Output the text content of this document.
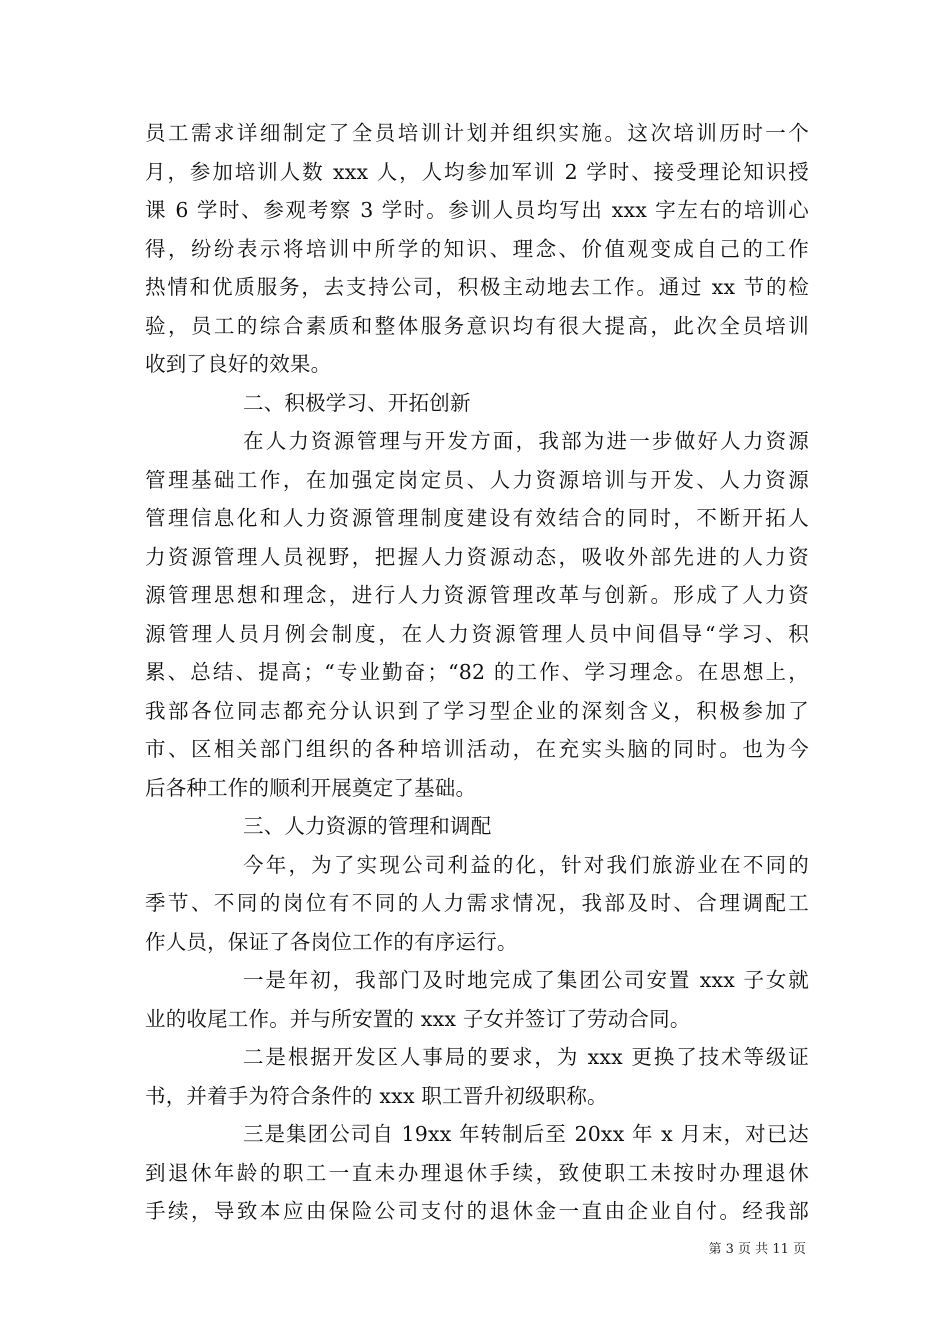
员工需求详细制定了全员培训计划并组织实施。这次培训历时一个
月，参加培训人数 xxx 人，人均参加军训 2 学时、接受理论知识授
课 6 学时、参观考察 3 学时。参训人员均写出 xxx 字左右的培训心
得，纷纷表示将培训中所学的知识、理念、价值观变成自己的工作
热情和优质服务，去支持公司，积极主动地去工作。通过 xx 节的检
验，员工的综合素质和整体服务意识均有很大提高，此次全员培训
收到了良好的效果。
二、积极学习、开拓创新
在人力资源管理与开发方面，我部为进一步做好人力资源
管理基础工作，在加强定岗定员、人力资源培训与开发、人力资源
管理信息化和人力资源管理制度建设有效结合的同时，不断开拓人
力资源管理人员视野，把握人力资源动态，吸收外部先进的人力资
源管理思想和理念，进行人力资源管理改革与创新。形成了人力资
源管理人员月例会制度，在人力资源管理人员中间倡导“学习、积
累、总结、提高；“专业勤奋；“82 的工作、学习理念。在思想上，
我部各位同志都充分认识到了学习型企业的深刻含义，积极参加了
市、区相关部门组织的各种培训活动，在充实头脑的同时。也为今
后各种工作的顺利开展奠定了基础。
三、人力资源的管理和调配
今年，为了实现公司利益的化，针对我们旅游业在不同的
季节、不同的岗位有不同的人力需求情况，我部及时、合理调配工
作人员，保证了各岗位工作的有序运行。
一是年初，我部门及时地完成了集团公司安置 xxx 子女就
业的收尾工作。并与所安置的 xxx 子女并签订了劳动合同。
二是根据开发区人事局的要求，为 xxx 更换了技术等级证
书，并着手为符合条件的 xxx 职工晋升初级职称。
三是集团公司自 19xx 年转制后至 20xx 年 x 月末，对已达
到退休年龄的职工一直未办理退休手续，致使职工未按时办理退休
手续，导致本应由保险公司支付的退休金一直由企业自付。经我部
第 3 页 共 11 页
